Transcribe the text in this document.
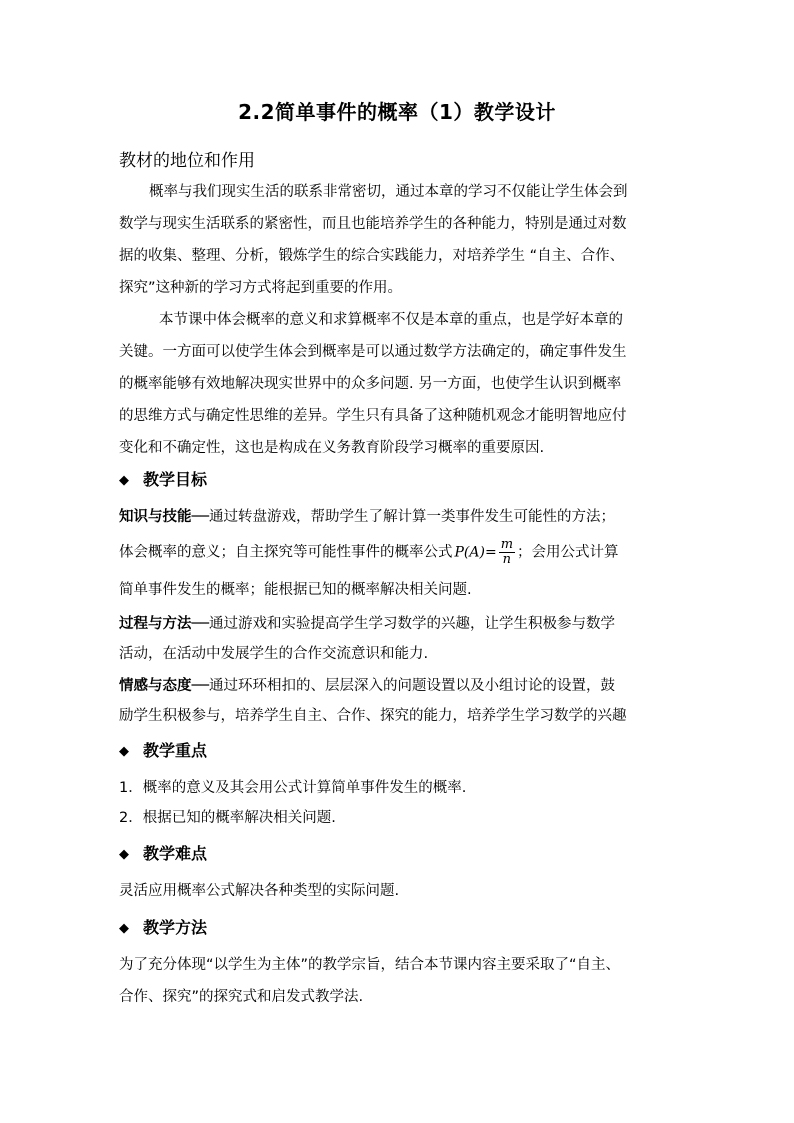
2.2简单事件的概率（1）教学设计
教材的地位和作用
概率与我们现实生活的联系非常密切，通过本章的学习不仅能让学生体会到
数学与现实生活联系的紧密性，而且也能培养学生的各种能力，特别是通过对数
据的收集、整理、分析，锻炼学生的综合实践能力，对培养学生 “自主、合作、
探究”这种新的学习方式将起到重要的作用。
本节课中体会概率的意义和求算概率不仅是本章的重点，也是学好本章的
关键。一方面可以使学生体会到概率是可以通过数学方法确定的，确定事件发生
的概率能够有效地解决现实世界中的众多问题. 另一方面，也使学生认识到概率
的思维方式与确定性思维的差异。学生只有具备了这种随机观念才能明智地应付
变化和不确定性，这也是构成在义务教育阶段学习概率的重要原因.
◆ 教学目标
知识与技能──通过转盘游戏，帮助学生了解计算一类事件发生可能性的方法；
体会概率的意义；自主探究等可能性事件的概率公式 $P(A)= \frac{m}{n}$ ；会用公式计算
简单事件发生的概率；能根据已知的概率解决相关问题.
过程与方法──通过游戏和实验提高学生学习数学的兴趣，让学生积极参与数学
活动，在活动中发展学生的合作交流意识和能力.
情感与态度──通过环环相扣的、层层深入的问题设置以及小组讨论的设置，鼓
励学生积极参与，培养学生自主、合作、探究的能力，培养学生学习数学的兴趣
◆ 教学重点
1．概率的意义及其会用公式计算简单事件发生的概率.
2．根据已知的概率解决相关问题.
◆ 教学难点
灵活应用概率公式解决各种类型的实际问题.
◆ 教学方法
为了充分体现“以学生为主体”的教学宗旨，结合本节课内容主要采取了“自主、
合作、探究”的探究式和启发式教学法.
